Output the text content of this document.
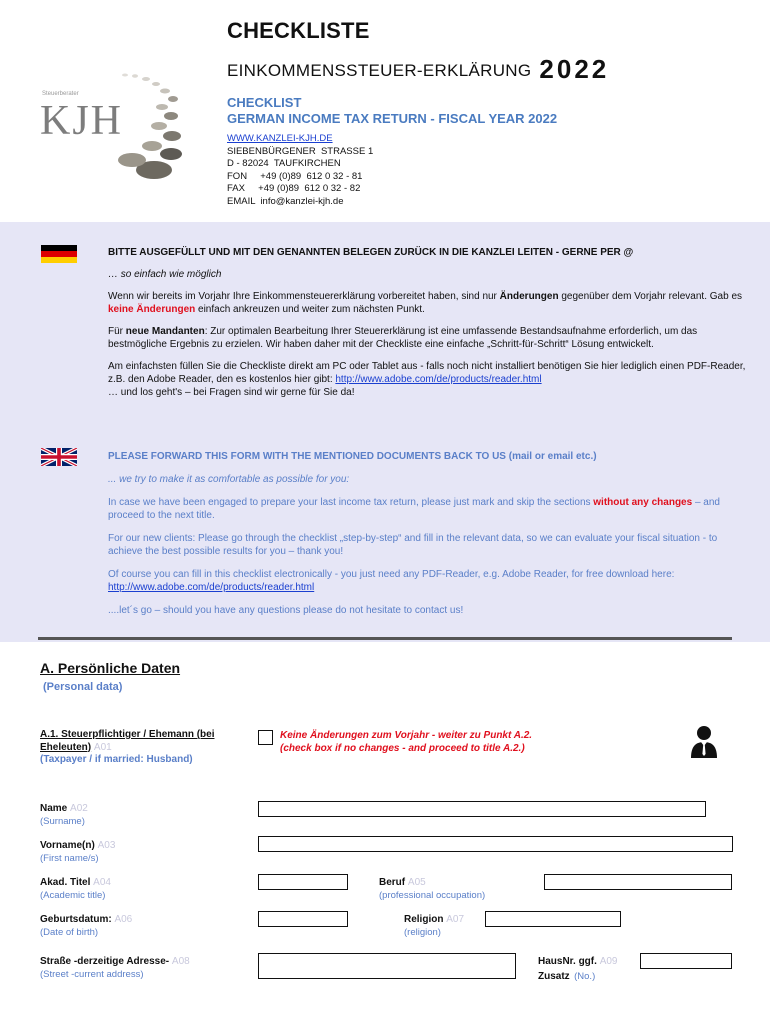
Steuerberater
KJH
CHECKLISTE
EINKOMMENSSTEUER-ERKLÄRUNG 2022
CHECKLIST
GERMAN INCOME TAX RETURN - FISCAL YEAR 2022
WWW.KANZLEI-KJH.DE
SIEBENBÜRGENER  STRASSE 1
D - 82024  TAUFKIRCHEN
FON     +49 (0)89  612 0 32 - 81
FAX     +49 (0)89  612 0 32 - 82
EMAIL  info@kanzlei-kjh.de

BITTE AUSGEFÜLLT UND MIT DEN GENANNTEN BELEGEN ZURÜCK IN DIE KANZLEI LEITEN - GERNE PER @

… so einfach wie möglich

Wenn wir bereits im Vorjahr Ihre Einkommensteuererklärung vorbereitet haben, sind nur Änderungen gegenüber dem Vorjahr relevant. Gab es keine Änderungen einfach ankreuzen und weiter zum nächsten Punkt.

Für neue Mandanten: Zur optimalen Bearbeitung Ihrer Steuererklärung ist eine umfassende Bestandsaufnahme erforderlich, um das bestmögliche Ergebnis zu erzielen. Wir haben daher mit der Checkliste eine einfache „Schritt-für-Schritt“ Lösung entwickelt.

Am einfachsten füllen Sie die Checkliste direkt am PC oder Tablet aus - falls noch nicht installiert benötigen Sie hier lediglich einen PDF-Reader, z.B. den Adobe Reader, den es kostenlos hier gibt: http://www.adobe.com/de/products/reader.html
… und los geht's – bei Fragen sind wir gerne für Sie da!

PLEASE FORWARD THIS FORM WITH THE MENTIONED DOCUMENTS BACK TO US (mail or email etc.)

... we try to make it as comfortable as possible for you:

In case we have been engaged to prepare your last income tax return, please just mark and skip the sections without any changes – and proceed to the next title.

For our new clients: Please go through the checklist „step-by-step“ and fill in the relevant data, so we can evaluate your fiscal situation - to achieve the best possible results for you – thank you!

Of course you can fill in this checklist electronically - you just need any PDF-Reader, e.g. Adobe Reader, for free download here: http://www.adobe.com/de/products/reader.html

....let´s go – should you have any questions please do not hesitate to contact us!

A. Persönliche Daten
(Personal data)
A.1. Steuerpflichtiger / Ehemann (bei
Eheleuten) A01
(Taxpayer / if married: Husband)
Keine Änderungen zum Vorjahr - weiter zu Punkt A.2.
(check box if no changes - and proceed to title A.2.)
Name A02
(Surname)
Vorname(n) A03
(First name/s)
Akad. Titel A04
(Academic title)
Beruf A05
(professional occupation)
Geburtsdatum: A06
(Date of birth)
Religion A07
(religion)
Straße -derzeitige Adresse- A08
(Street -current address)
HausNr. ggf. A09
Zusatz (No.)
